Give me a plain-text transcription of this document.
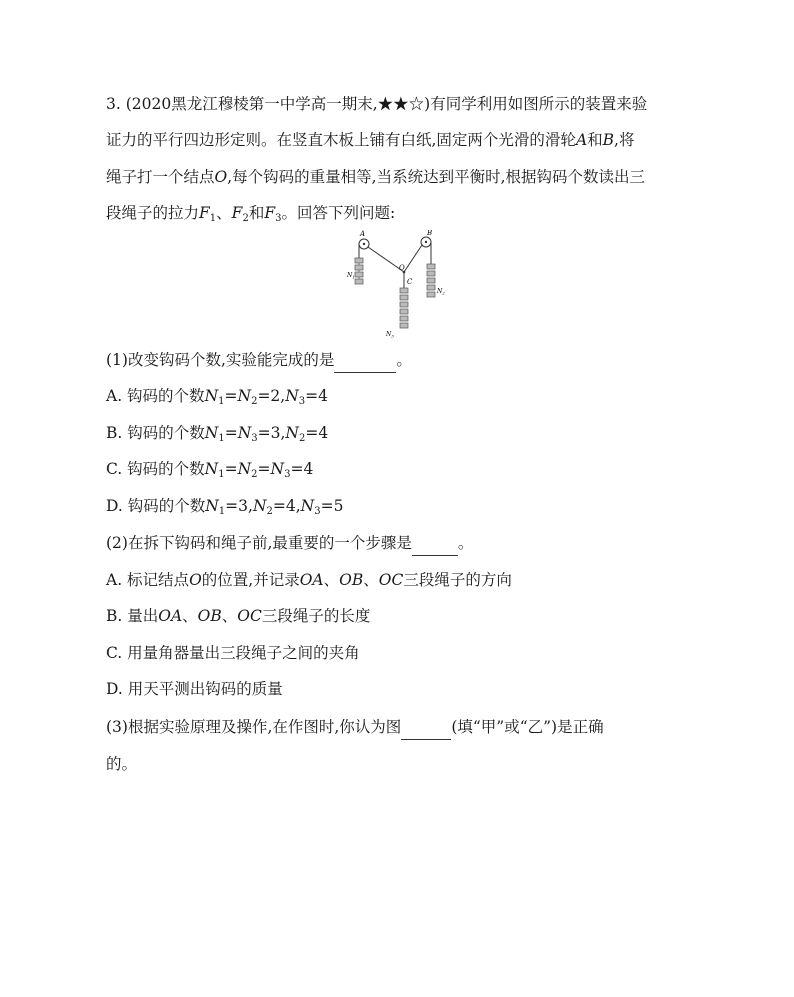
3. (2020黑龙江穆棱第一中学高一期末,★★☆)有同学利用如图所示的装置来验
证力的平行四边形定则。在竖直木板上铺有白纸,固定两个光滑的滑轮A和B,将
绳子打一个结点O,每个钩码的重量相等,当系统达到平衡时,根据钩码个数读出三
段绳子的拉力$F_1$、$F_2$和$F_3$。回答下列问题:
A	B
O
C
$N_1$
$N_2$
$N_3$
(1)改变钩码个数,实验能完成的是	。
A. 钩码的个数$N_1=N_2=2,N_3=4$
B. 钩码的个数$N_1=N_3=3,N_2=4$
C. 钩码的个数$N_1=N_2=N_3=4$
D. 钩码的个数$N_1=3,N_2=4,N_3=5$
(2)在拆下钩码和绳子前,最重要的一个步骤是	。
A. 标记结点O的位置,并记录OA、OB、OC三段绳子的方向
B. 量出OA、OB、OC三段绳子的长度
C. 用量角器量出三段绳子之间的夹角
D. 用天平测出钩码的质量
(3)根据实验原理及操作,在作图时,你认为图	(填“甲”或“乙”)是正确
的。
